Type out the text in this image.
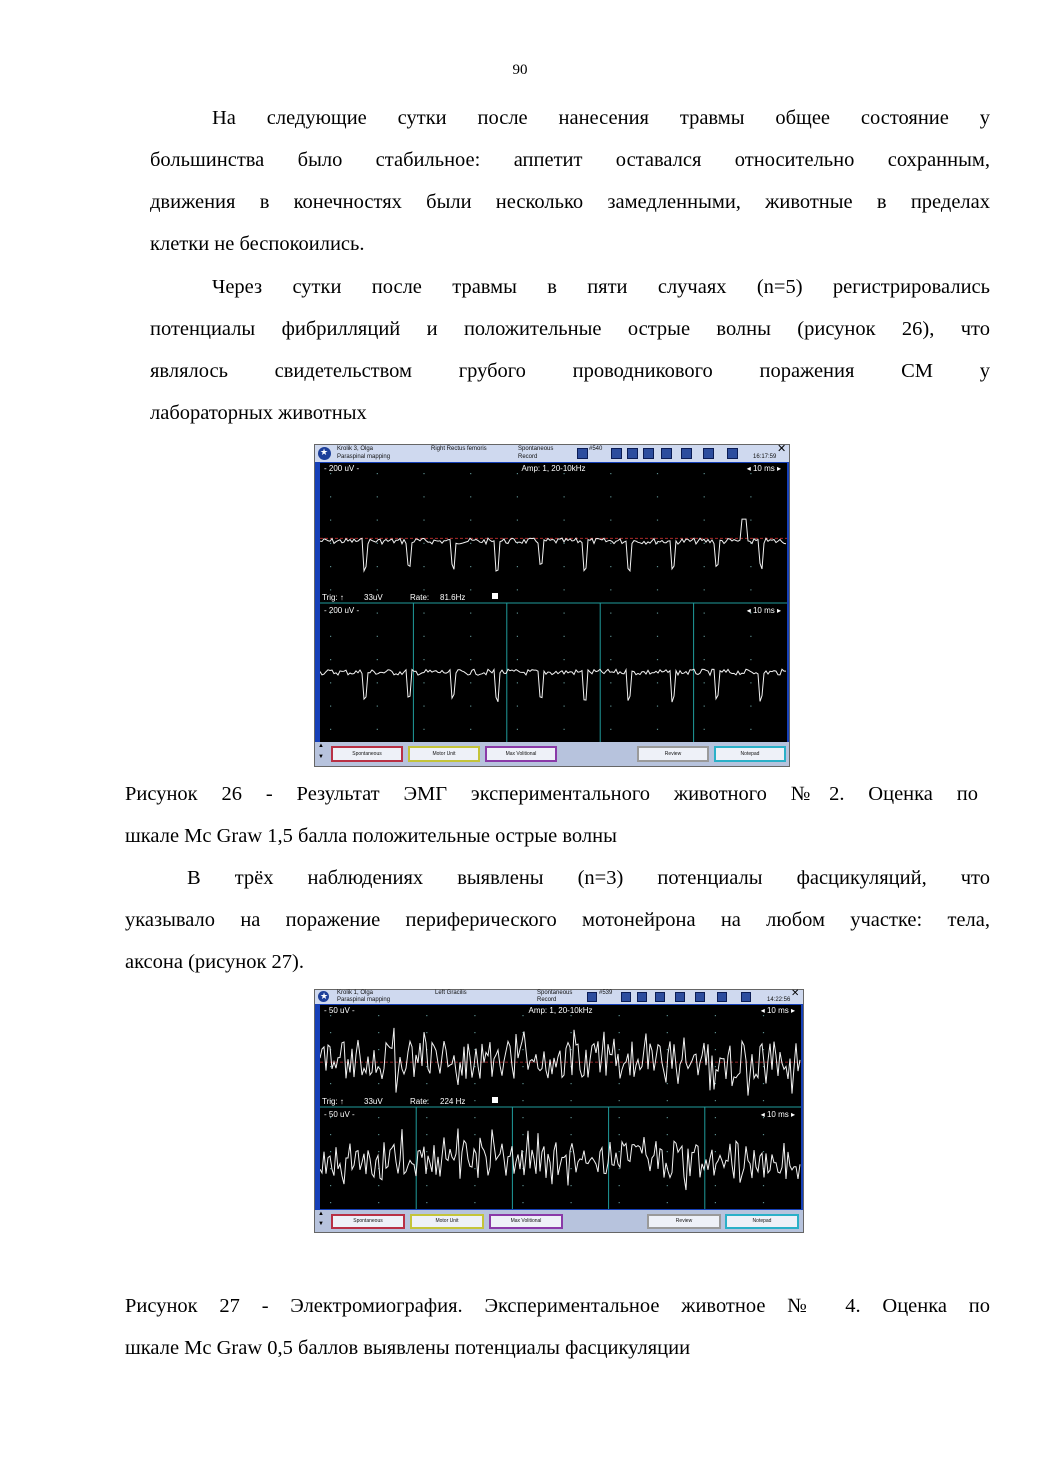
90
На следующие сутки после нанесения травмы общее состояние у
большинства было стабильное: аппетит оставался относительно сохранным,
движения в конечностях были несколько замедленными, животные в пределах
клетки не беспокоились.
Через сутки после травмы в пяти случаях (n=5) регистрировались
потенциалы фибрилляций и положительные острые волны (рисунок 26), что
являлось свидетельством грубого проводникового поражения СМ у
лабораторных животных
★
Krolik 3, Olga
Paraspinal mapping
Right Rectus femoris	Spontaneous
Record
#540	✕
16:17:59
- 200 uV -	Amp: 1, 20-10kHz	◂ 10 ms ▸
Trig: ↑	33uV	Rate: 81.6Hz
- 200 uV -	◂ 10 ms ▸
▲
▼	Spontaneous	Motor Unit	Max Volitional	Review	Notepad
Рисунок 26 - Результат ЭМГ экспериментального животного №2. Оценка по
шкале Mc Graw 1,5 балла положительные острые волны
В трёх наблюдениях выявлены (n=3) потенциалы фасцикуляций, что
указывало на поражение периферического мотонейрона на любом участке: тела,
аксона (рисунок 27).
★
Krolik 1, Olga
Paraspinal mapping
Left Gracilis	Spontaneous
Record
#539	✕
14:22:56
- 50 uV -	Amp: 1, 20-10kHz	◂ 10 ms ▸
Trig: ↑	33uV	Rate: 224 Hz
- 50 uV -	◂ 10 ms ▸
▲
▼	Spontaneous	Motor Unit	Max Volitional	Review	Notepad
Рисунок 27 - Электромиография. Экспериментальное животное № 4. Оценка по
шкале Mc Graw 0,5 баллов выявлены потенциалы фасцикуляции
